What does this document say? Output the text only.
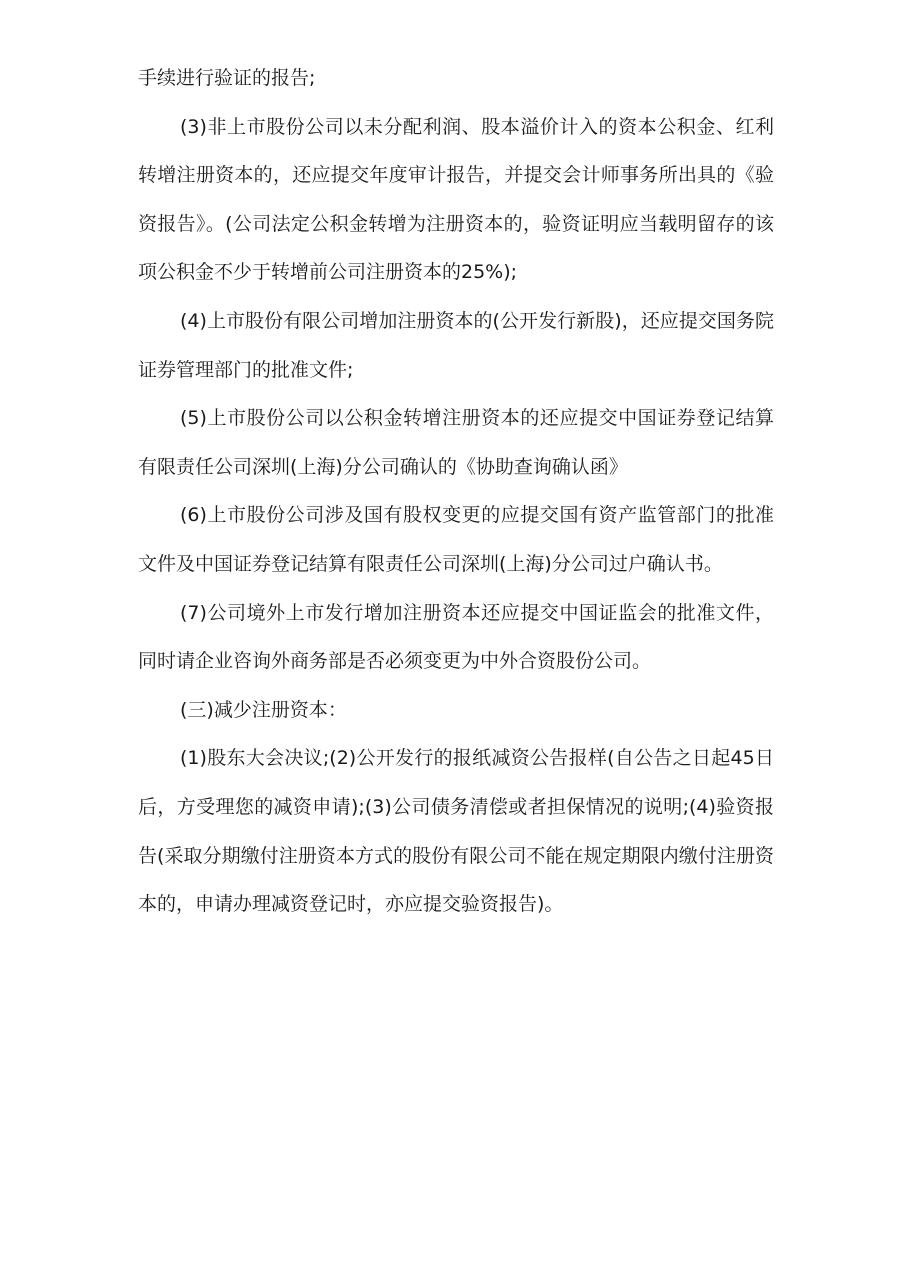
手续进行验证的报告;

(3)非上市股份公司以未分配利润、股本溢价计入的资本公积金、红利转增注册资本的，还应提交年度审计报告，并提交会计师事务所出具的《验资报告》。(公司法定公积金转增为注册资本的，验资证明应当载明留存的该项公积金不少于转增前公司注册资本的25%);

(4)上市股份有限公司增加注册资本的(公开发行新股)，还应提交国务院证券管理部门的批准文件;

(5)上市股份公司以公积金转增注册资本的还应提交中国证券登记结算有限责任公司深圳(上海)分公司确认的《协助查询确认函》

(6)上市股份公司涉及国有股权变更的应提交国有资产监管部门的批准文件及中国证券登记结算有限责任公司深圳(上海)分公司过户确认书。

(7)公司境外上市发行增加注册资本还应提交中国证监会的批准文件，同时请企业咨询外商务部是否必须变更为中外合资股份公司。

(三)减少注册资本：

(1)股东大会决议;(2)公开发行的报纸减资公告报样(自公告之日起45日后，方受理您的减资申请);(3)公司债务清偿或者担保情况的说明;(4)验资报告(采取分期缴付注册资本方式的股份有限公司不能在规定期限内缴付注册资本的，申请办理减资登记时，亦应提交验资报告)。
